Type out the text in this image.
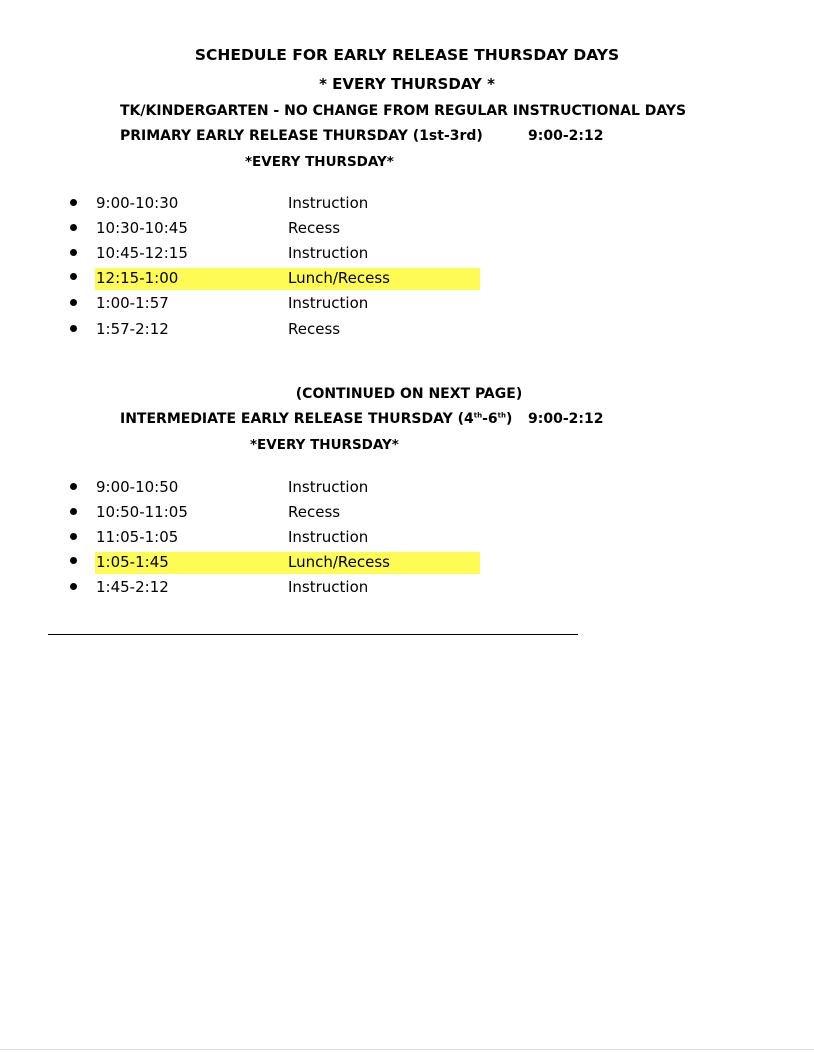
SCHEDULE FOR EARLY RELEASE THURSDAY DAYS
* EVERY THURSDAY *
TK/KINDERGARTEN - NO CHANGE FROM REGULAR INSTRUCTIONAL DAYS
PRIMARY EARLY RELEASE THURSDAY (1st-3rd)	9:00-2:12
*EVERY THURSDAY*
9:00-10:30	Instruction
10:30-10:45	Recess
10:45-12:15	Instruction
12:15-1:00	Lunch/Recess
1:00-1:57	Instruction
1:57-2:12	Recess
(CONTINUED ON NEXT PAGE)
INTERMEDIATE EARLY RELEASE THURSDAY (4th-6th) 9:00-2:12
*EVERY THURSDAY*
9:00-10:50	Instruction
10:50-11:05	Recess
11:05-1:05	Instruction
1:05-1:45	Lunch/Recess
1:45-2:12	Instruction
